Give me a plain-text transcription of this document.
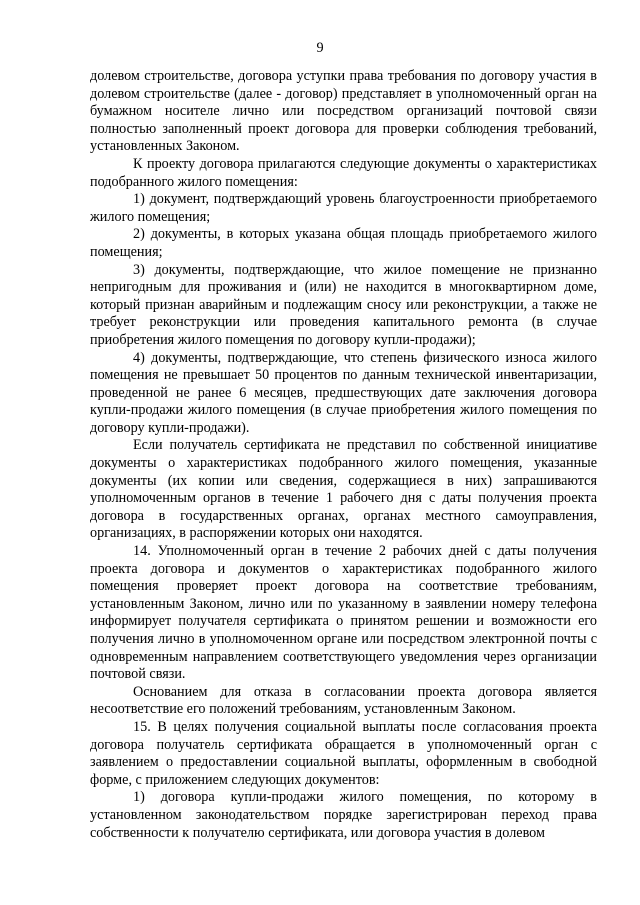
9

долевом строительстве, договора уступки права требования по договору участия в долевом строительстве (далее - договор) представляет в уполномоченный орган на бумажном носителе лично или посредством организаций почтовой связи полностью заполненный проект договора для проверки соблюдения требований, установленных Законом.

К проекту договора прилагаются следующие документы о характеристиках подобранного жилого помещения:

1) документ, подтверждающий уровень благоустроенности приобретаемого жилого помещения;

2) документы, в которых указана общая площадь приобретаемого жилого помещения;

3) документы, подтверждающие, что жилое помещение не признанно непригодным для проживания и (или) не находится в многоквартирном доме, который признан аварийным и подлежащим сносу или реконструкции, а также не требует реконструкции или проведения капитального ремонта (в случае приобретения жилого помещения по договору купли-продажи);

4) документы, подтверждающие, что степень физического износа жилого помещения не превышает 50 процентов по данным технической инвентаризации, проведенной не ранее 6 месяцев, предшествующих дате заключения договора купли-продажи жилого помещения (в случае приобретения жилого помещения по договору купли-продажи).

Если получатель сертификата не представил по собственной инициативе документы о характеристиках подобранного жилого помещения, указанные документы (их копии или сведения, содержащиеся в них) запрашиваются уполномоченным органов в течение 1 рабочего дня с даты получения проекта договора в государственных органах, органах местного самоуправления, организациях, в распоряжении которых они находятся.

14. Уполномоченный орган в течение 2 рабочих дней с даты получения проекта договора и документов о характеристиках подобранного жилого помещения проверяет проект договора на соответствие требованиям, установленным Законом, лично или по указанному в заявлении номеру телефона информирует получателя сертификата о принятом решении и возможности его получения лично в уполномоченном органе или посредством электронной почты с одновременным направлением соответствующего уведомления через организации почтовой связи.

Основанием для отказа в согласовании проекта договора является несоответствие его положений требованиям, установленным Законом.

15. В целях получения социальной выплаты после согласования проекта договора получатель сертификата обращается в уполномоченный орган с заявлением о предоставлении социальной выплаты, оформленным в свободной форме, с приложением следующих документов:

1) договора купли-продажи жилого помещения, по которому в установленном законодательством порядке зарегистрирован переход права собственности к получателю сертификата, или договора участия в долевом
